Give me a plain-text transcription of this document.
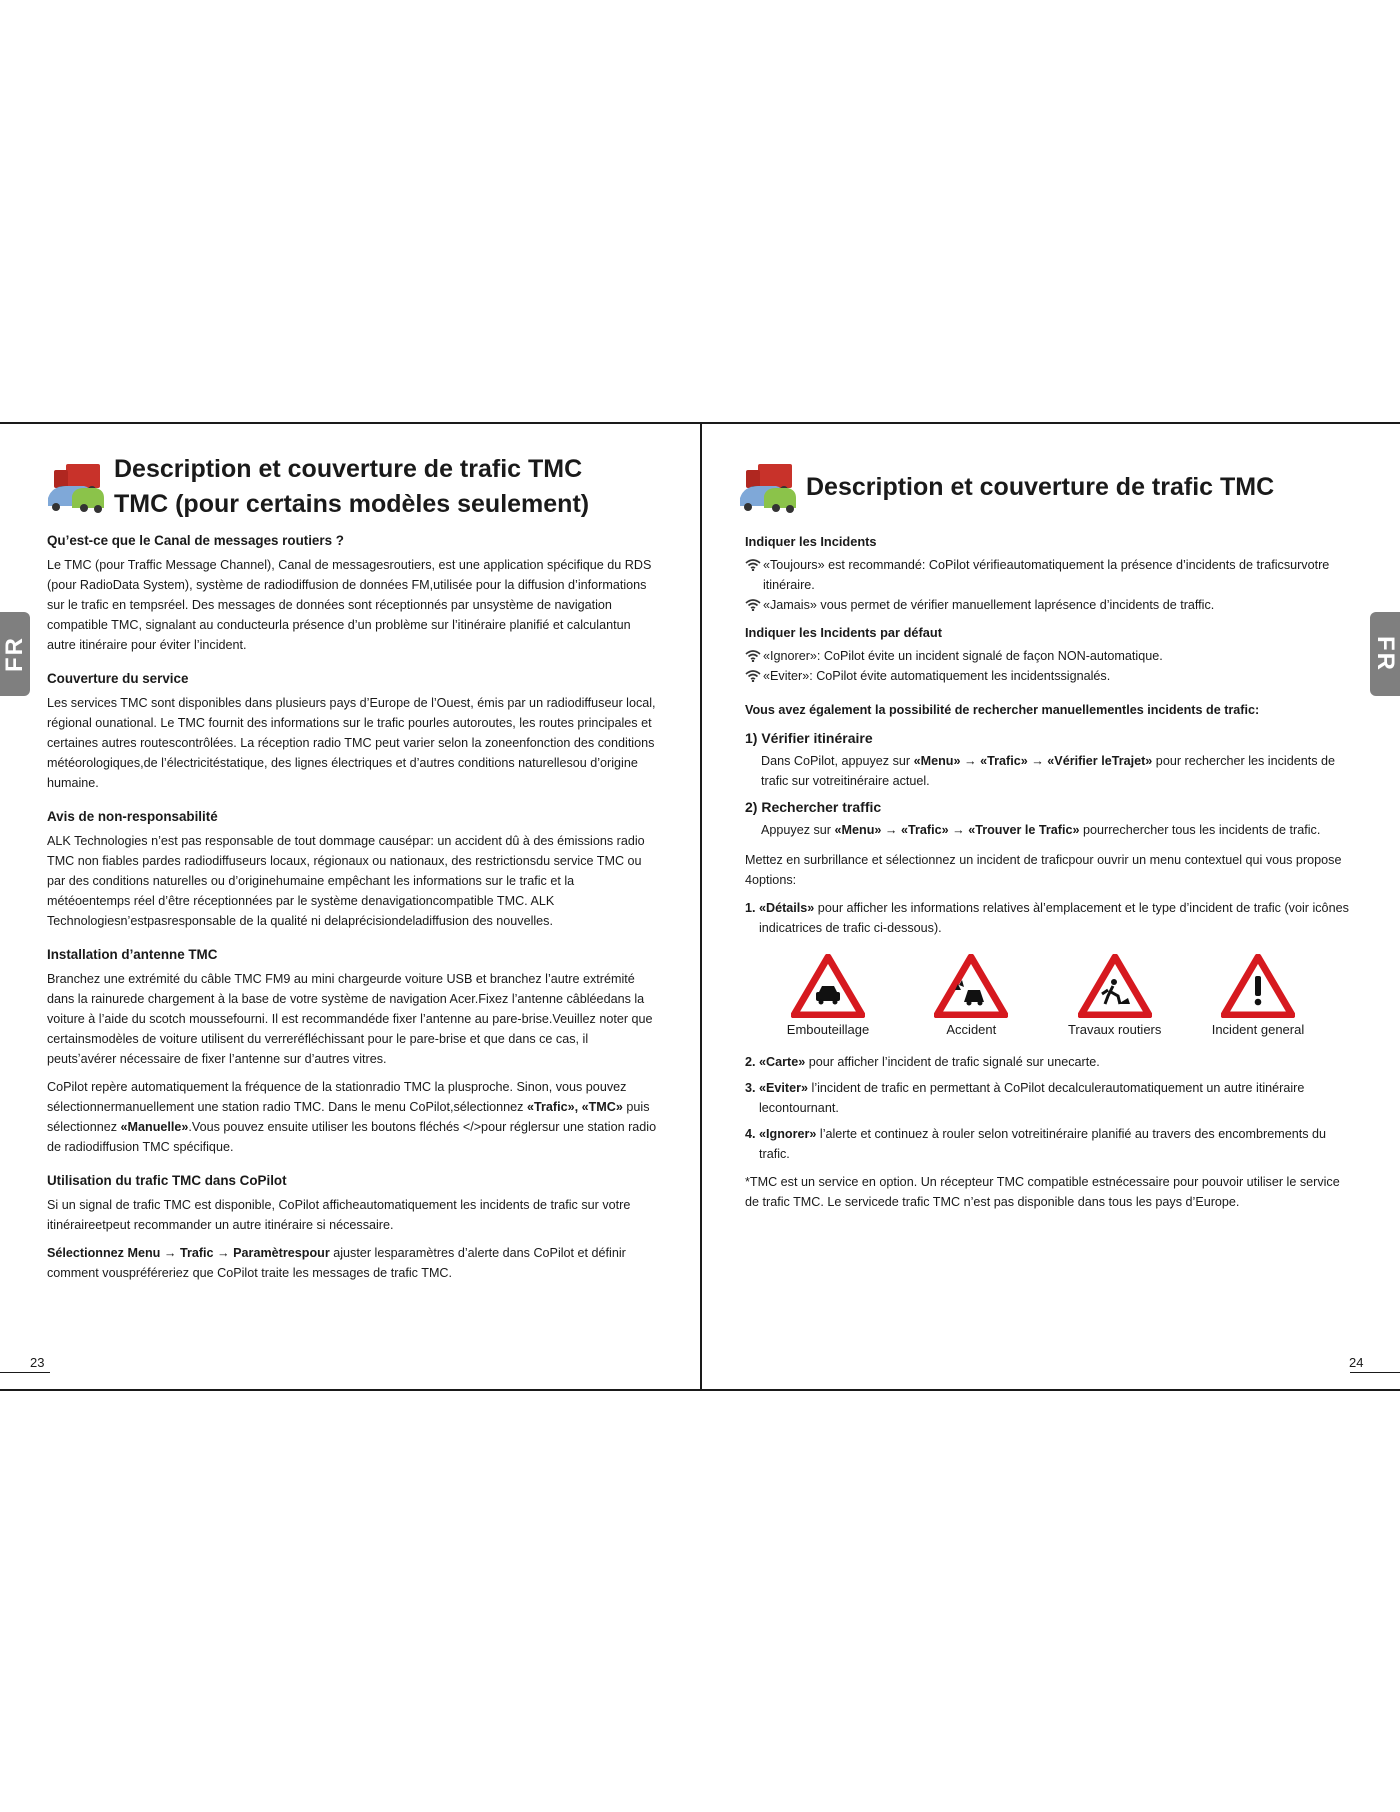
FR	FR
Description et couverture de trafic TMC
TMC (pour certains modèles seulement)
Qu’est-ce que le Canal de messages routiers ?

Le TMC (pour Traffic Message Channel), Canal de messagesroutiers, est une application spécifique du RDS (pour RadioData System), système de radiodiffusion de données FM,utilisée pour la diffusion d’informations sur le trafic en tempsréel. Des messages de données sont réceptionnés par unsystème de navigation compatible TMC, signalant au conducteurla présence d’un problème sur l’itinéraire planifié et calculantun autre itinéraire pour éviter l’incident.

Couverture du service

Les services TMC sont disponibles dans plusieurs pays d’Europe de l’Ouest, émis par un radiodiffuseur local, régional ounational. Le TMC fournit des informations sur le trafic pourles autoroutes, les routes principales et certaines autres routescontrôlées. La réception radio TMC peut varier selon la zoneenfonction des conditions météorologiques,de l’électricitéstatique, des lignes électriques et d’autres conditions naturellesou d’origine humaine.

Avis de non-responsabilité

ALK Technologies n’est pas responsable de tout dommage causépar: un accident dû à des émissions radio TMC non fiables pardes radiodiffuseurs locaux, régionaux ou nationaux, des restrictionsdu service TMC ou par des conditions naturelles ou d’originehumaine empêchant les informations sur le trafic et la météoentemps réel d’être réceptionnées par le système denavigationcompatible TMC. ALK Technologiesn’estpasresponsable de la qualité ni delaprécisiondeladiffusion des nouvelles.

Installation d’antenne TMC

Branchez une extrémité du câble TMC FM9 au mini chargeurde voiture USB et branchez l’autre extrémité dans la rainurede chargement à la base de votre système de navigation Acer.Fixez l’antenne câbléedans la voiture à l’aide du scotch moussefourni. Il est recommandéde fixer l’antenne au pare-brise.Veuillez noter que certainsmodèles de voiture utilisent du verreréfléchissant pour le pare-brise et que dans ce cas, il peutsʼavérer nécessaire de fixer l’antenne sur d’autres vitres.

CoPilot repère automatiquement la fréquence de la stationradio TMC la plusproche. Sinon, vous pouvez sélectionnermanuellement une station radio TMC. Dans le menu CoPilot,sélectionnez «Trafic», «TMC» puis sélectionnez «Manuelle».Vous pouvez ensuite utiliser les boutons fléchés </>pour réglersur une station radio de radiodiffusion TMC spécifique.

Utilisation du trafic TMC dans CoPilot

Si un signal de trafic TMC est disponible, CoPilot afficheautomatiquement les incidents de trafic sur votre itinéraireetpeut recommander un autre itinéraire si nécessaire.

Sélectionnez Menu → Trafic → Paramètrespour ajuster lesparamètres d’alerte dans CoPilot et définir comment vouspréféreriez que CoPilot traite les messages de trafic TMC.

23
Description et couverture de trafic TMC
Indiquer les Incidents
«Toujours» est recommandé: CoPilot vérifieautomatiquement la présence d’incidents de traficsurvotre itinéraire.
«Jamais» vous permet de vérifier manuellement laprésence d’incidents de traffic.
Indiquer les Incidents par défaut
«Ignorer»: CoPilot évite un incident signalé de façon NON-automatique.
«Eviter»: CoPilot évite automatiquement les incidentssignalés.
Vous avez également la possibilité de rechercher manuellementles incidents de trafic:
1) Vérifier itinéraire
Dans CoPilot, appuyez sur «Menu» → «Trafic» → «Vérifier leTrajet» pour rechercher les incidents de trafic sur votreitinéraire actuel.
2) Rechercher traffic
Appuyez sur «Menu» → «Trafic» → «Trouver le Trafic» pourrechercher tous les incidents de trafic.

Mettez en surbrillance et sélectionnez un incident de traficpour ouvrir un menu contextuel qui vous propose 4options:

1. «Détails» pour afficher les informations relatives àl’emplacement et le type d’incident de trafic (voir icônes indicatrices de trafic ci-dessous).
Embouteillage	Accident	Travaux routiers	Incident general
2. «Carte» pour afficher l’incident de trafic signalé sur unecarte.
3. «Eviter» l’incident de trafic en permettant à CoPilot decalculerautomatiquement un autre itinéraire lecontournant.
4. «Ignorer» l’alerte et continuez à rouler selon votreitinéraire planifié au travers des encombrements du trafic.

*TMC est un service en option. Un récepteur TMC compatible estnécessaire pour pouvoir utiliser le service de trafic TMC. Le servicede trafic TMC n’est pas disponible dans tous les pays d’Europe.

24
